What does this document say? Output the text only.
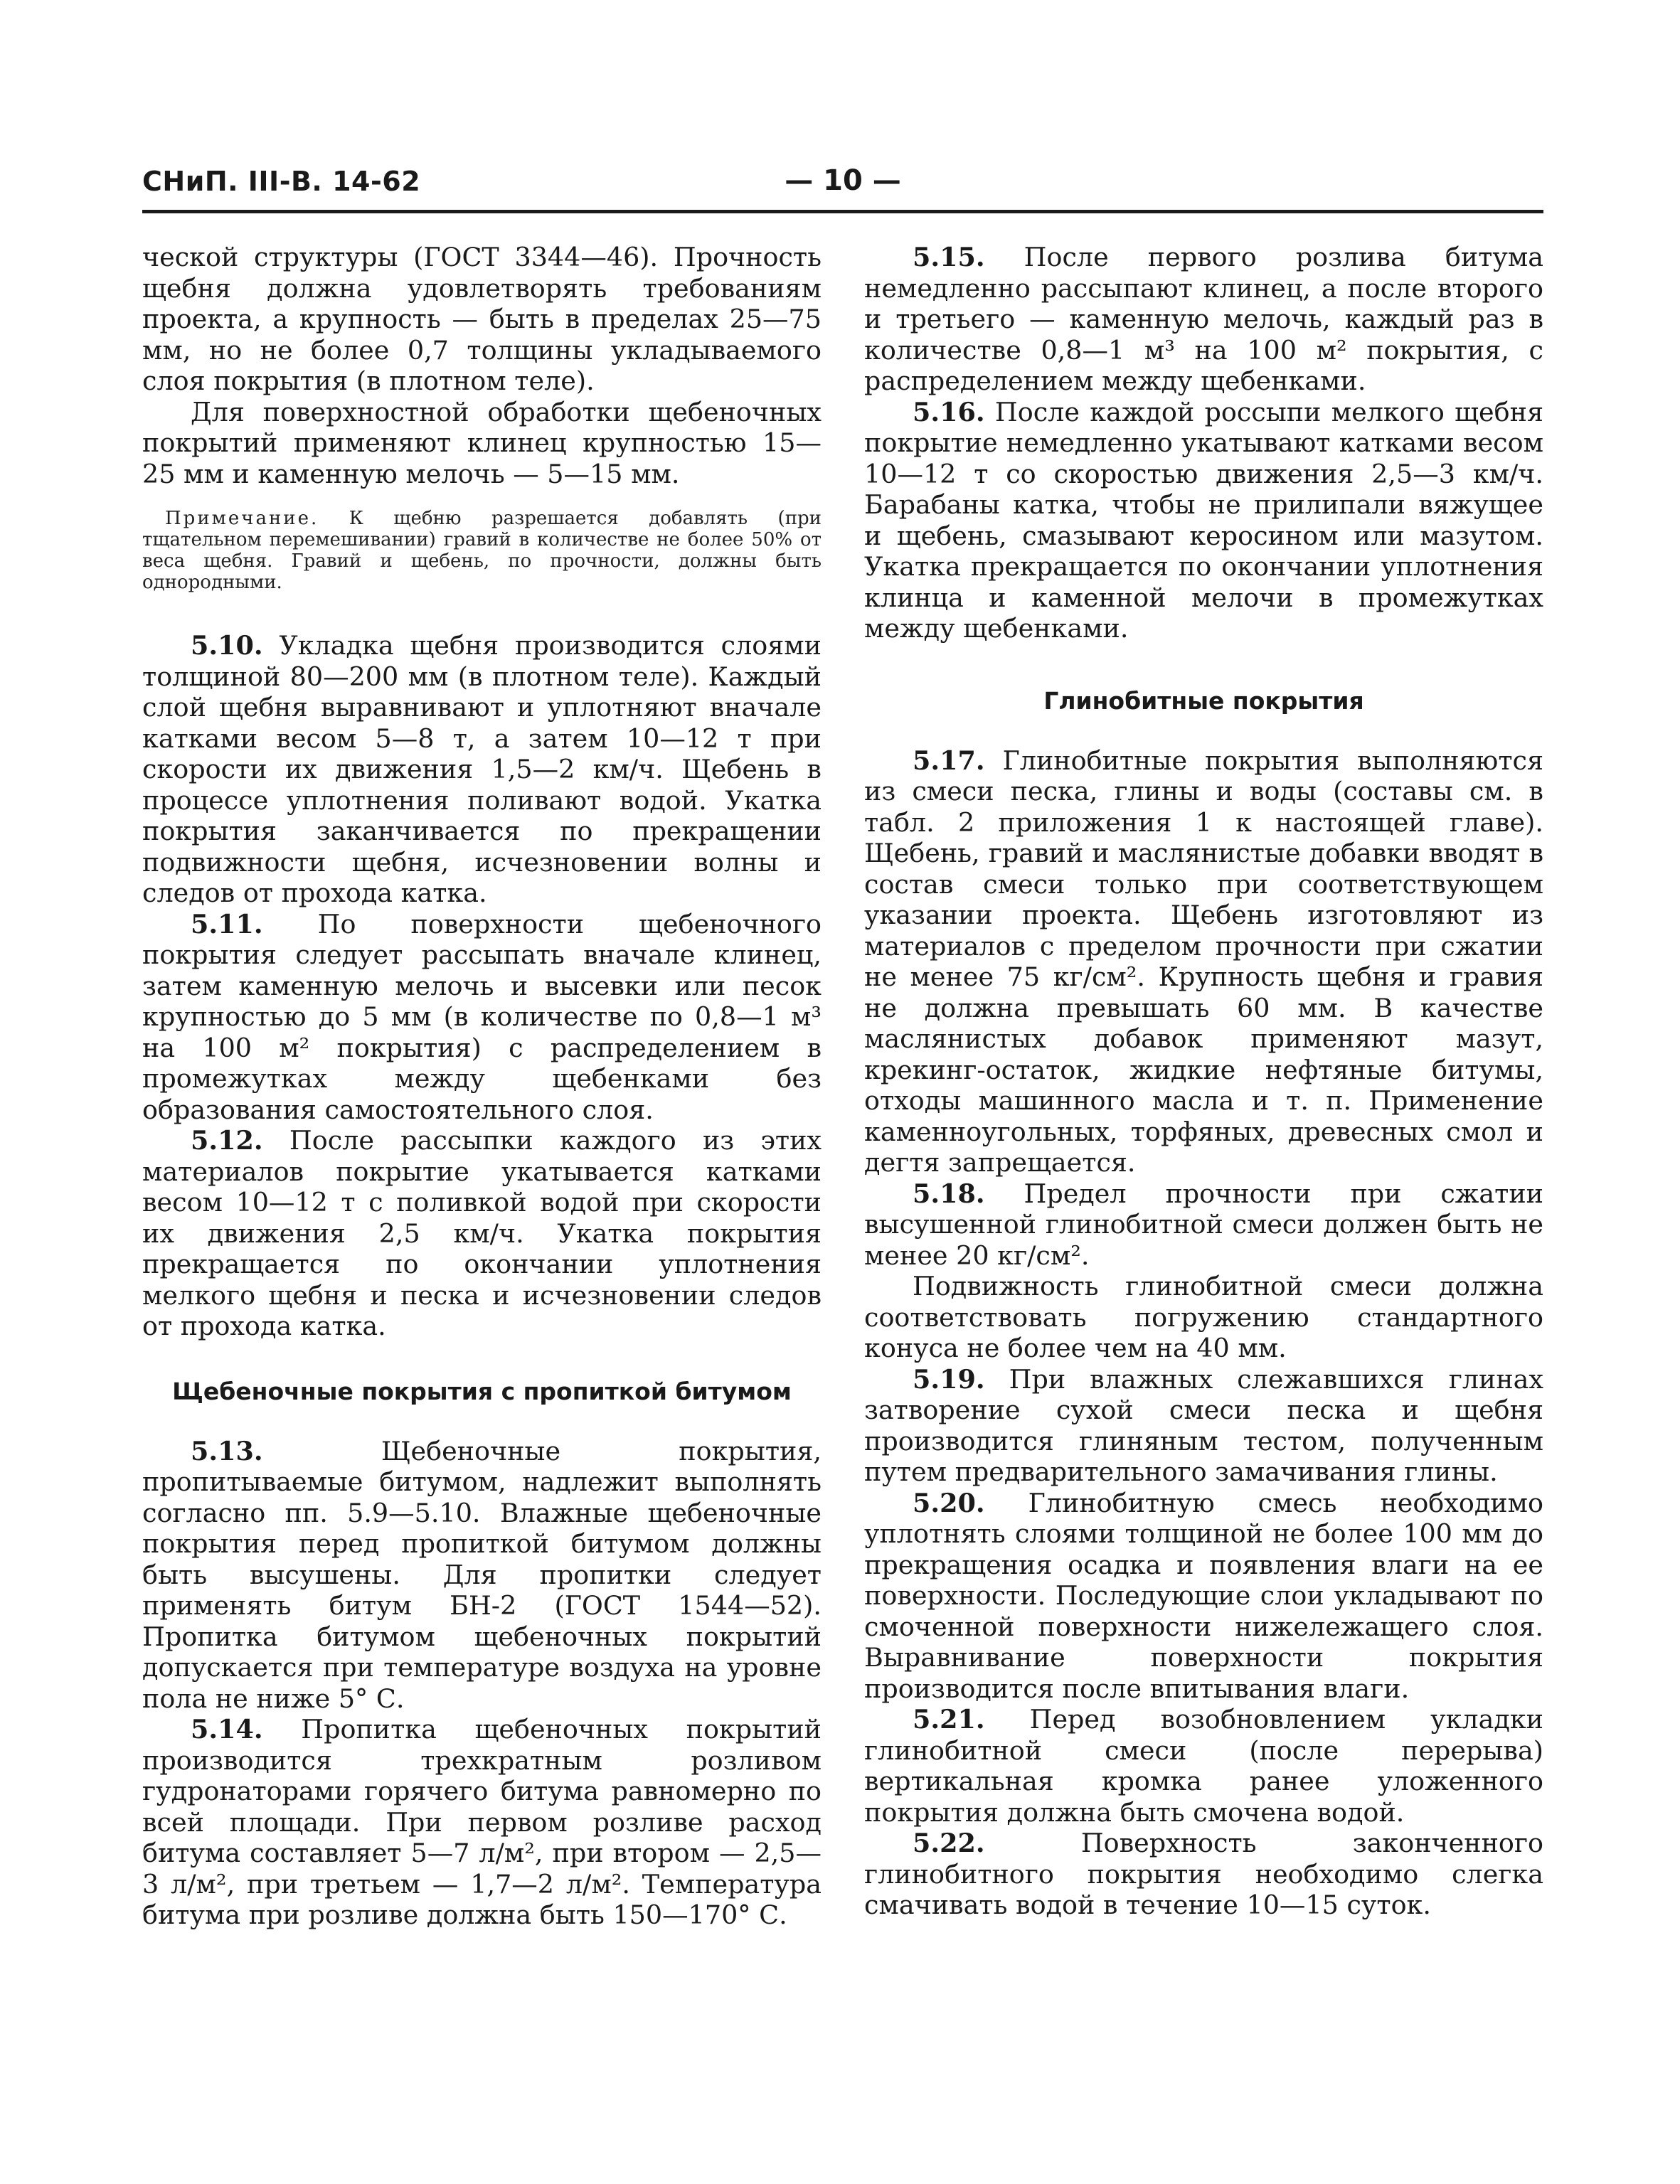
СНиП. III-В. 14-62	— 10 —

ческой структуры (ГОСТ 3344—46). Прочность щебня должна удовлетворять требованиям проекта, а крупность — быть в пределах 25—75 мм, но не более 0,7 толщины укладываемого слоя покрытия (в плотном теле).

Для поверхностной обработки щебеночных покрытий применяют клинец крупностью 15—25 мм и каменную мелочь — 5—15 мм.

Примечание. К щебню разрешается добавлять (при тщательном перемешивании) гравий в количестве не более 50% от веса щебня. Гравий и щебень, по прочности, должны быть однородными.

5.10. Укладка щебня производится слоями толщиной 80—200 мм (в плотном теле). Каждый слой щебня выравнивают и уплотняют вначале катками весом 5—8 т, а затем 10—12 т при скорости их движения 1,5—2 км/ч. Щебень в процессе уплотнения поливают водой. Укатка покрытия заканчивается по прекращении подвижности щебня, исчезновении волны и следов от прохода катка.

5.11. По поверхности щебеночного покрытия следует рассыпать вначале клинец, затем каменную мелочь и высевки или песок крупностью до 5 мм (в количестве по 0,8—1 м³ на 100 м² покрытия) с распределением в промежутках между щебенками без образования самостоятельного слоя.

5.12. После рассыпки каждого из этих материалов покрытие укатывается катками весом 10—12 т с поливкой водой при скорости их движения 2,5 км/ч. Укатка покрытия прекращается по окончании уплотнения мелкого щебня и песка и исчезновении следов от прохода катка.

Щебеночные покрытия с пропиткой битумом

5.13.	Щебеночные покрытия, пропитываемые битумом, надлежит выполнять согласно пп. 5.9—5.10. Влажные щебеночные покрытия перед пропиткой битумом должны быть высушены. Для пропитки следует применять битум БН-2 (ГОСТ 1544—52). Пропитка битумом щебеночных покрытий допускается при температуре воздуха на уровне пола не ниже 5° С.

5.14. Пропитка щебеночных покрытий производится трехкратным розливом гудронаторами горячего битума равномерно по всей площади. При первом розливе расход битума составляет 5—7 л/м², при втором — 2,5—3 л/м², при третьем — 1,7—2 л/м². Температура битума при розливе должна быть 150—170° С.

5.15. После первого розлива битума немедленно рассыпают клинец, а после второго и третьего — каменную мелочь, каждый раз в количестве 0,8—1 м³ на 100 м² покрытия, с распределением между щебенками.

5.16. После каждой россыпи мелкого щебня покрытие немедленно укатывают катками весом 10—12 т со скоростью движения 2,5—3 км/ч. Барабаны катка, чтобы не прилипали вяжущее и щебень, смазывают керосином или мазутом. Укатка прекращается по окончании уплотнения клинца и каменной мелочи в промежутках между щебенками.

Глинобитные покрытия

5.17. Глинобитные покрытия выполняются из смеси песка, глины и воды (составы см. в табл. 2 приложения 1 к настоящей главе). Щебень, гравий и маслянистые добавки вводят в состав смеси только при соответствующем указании проекта. Щебень изготовляют из материалов с пределом прочности при сжатии не менее 75 кг/см². Крупность щебня и гравия не должна превышать 60 мм. В качестве маслянистых добавок применяют мазут, крекинг-остаток, жидкие нефтяные битумы, отходы машинного масла и т. п. Применение каменноугольных, торфяных, древесных смол и дегтя запрещается.

5.18. Предел прочности при сжатии высушенной глинобитной смеси должен быть не менее 20 кг/см².

Подвижность глинобитной смеси должна соответствовать погружению стандартного конуса не более чем на 40 мм.

5.19. При влажных слежавшихся глинах затворение сухой смеси песка и щебня производится глиняным тестом, полученным путем предварительного замачивания глины.

5.20. Глинобитную смесь необходимо уплотнять слоями толщиной не более 100 мм до прекращения осадка и появления влаги на ее поверхности. Последующие слои укладывают по смоченной поверхности нижележащего слоя. Выравнивание поверхности покрытия производится после впитывания влаги.

5.21. Перед возобновлением укладки глинобитной смеси (после перерыва) вертикальная кромка ранее уложенного покрытия должна быть смочена водой.

5.22.	Поверхность законченного глинобитного покрытия необходимо слегка смачивать водой в течение 10—15 суток.
